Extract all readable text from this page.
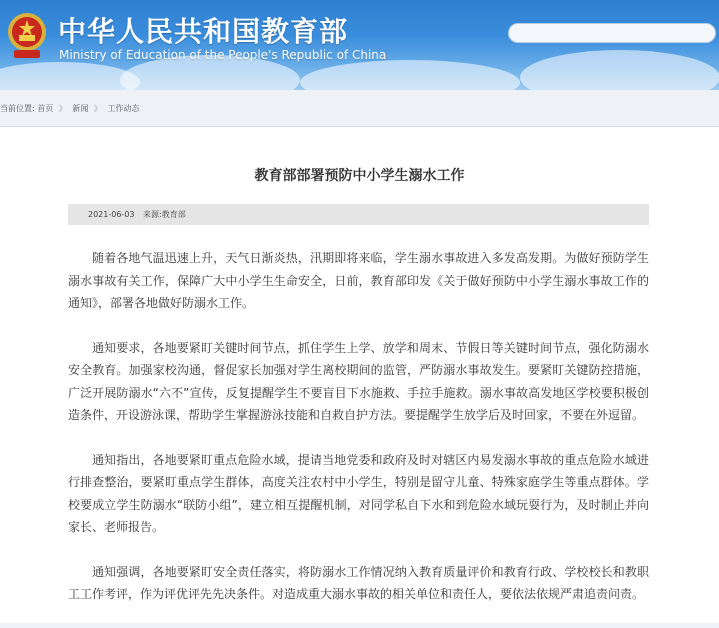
中华人民共和国教育部
Ministry of Education of the People's Republic of China
当前位置: 首页 》 新闻 》 工作动态
教育部部署预防中小学生溺水工作
2021-06-03 来源:教育部

随着各地气温迅速上升，天气日渐炎热，汛期即将来临，学生溺水事故进入多发高发期。为做好预防学生溺水事故有关工作，保障广大中小学生生命安全，日前，教育部印发《关于做好预防中小学生溺水事故工作的通知》，部署各地做好防溺水工作。

通知要求，各地要紧盯关键时间节点，抓住学生上学、放学和周末、节假日等关键时间节点，强化防溺水安全教育。加强家校沟通，督促家长加强对学生离校期间的监管，严防溺水事故发生。要紧盯关键防控措施，广泛开展防溺水“六不”宣传，反复提醒学生不要盲目下水施救、手拉手施救。溺水事故高发地区学校要积极创造条件，开设游泳课，帮助学生掌握游泳技能和自救自护方法。要提醒学生放学后及时回家，不要在外逗留。

通知指出，各地要紧盯重点危险水域，提请当地党委和政府及时对辖区内易发溺水事故的重点危险水域进行排查整治，要紧盯重点学生群体，高度关注农村中小学生，特别是留守儿童、特殊家庭学生等重点群体。学校要成立学生防溺水“联防小组”，建立相互提醒机制，对同学私自下水和到危险水域玩耍行为，及时制止并向家长、老师报告。

通知强调，各地要紧盯安全责任落实，将防溺水工作情况纳入教育质量评价和教育行政、学校校长和教职工工作考评，作为评优评先先决条件。对造成重大溺水事故的相关单位和责任人，要依法依规严肃追责问责。
